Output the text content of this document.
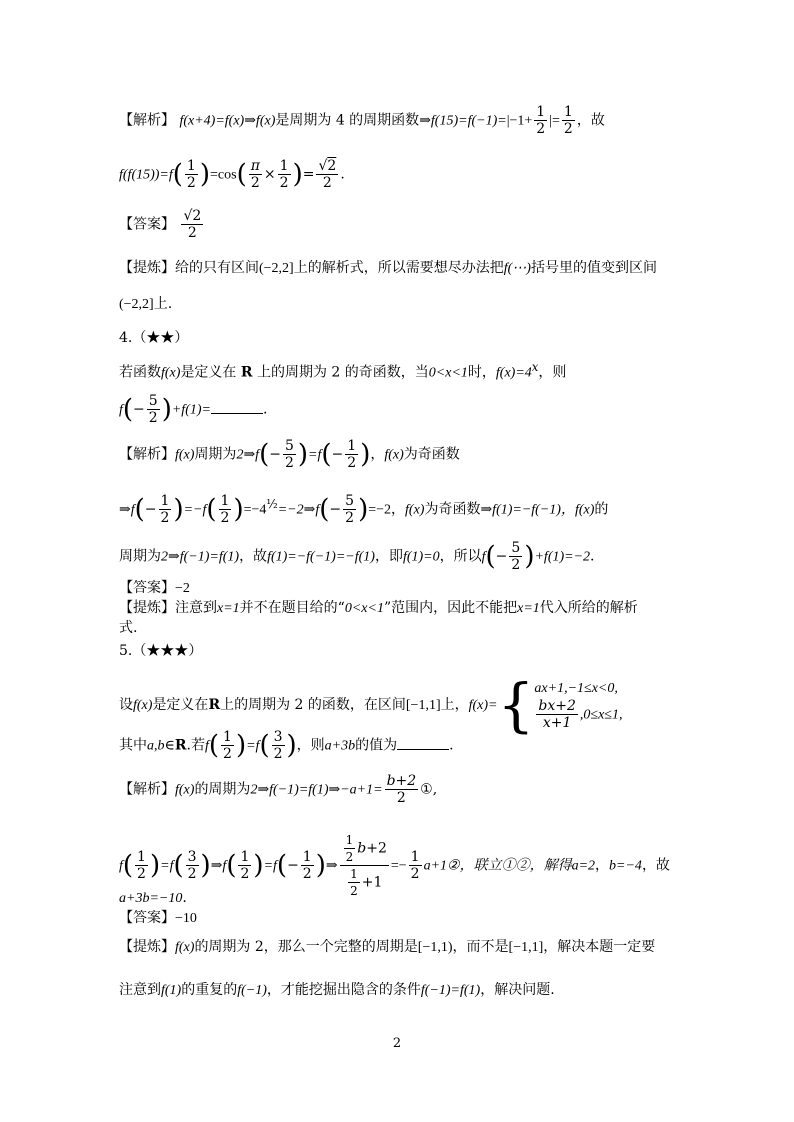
【解析】 f(x+4)=f(x)⇒f(x)是周期为 4 的周期函数⇒f(15)=f(−1)=|−1+ $\frac{1}{2}$ |= $\frac{1}{2}$ ，故
$f(f(15))=f( \frac{1}{2} )=\cos( \frac{\pi}{2} \times \frac{1}{2}$ )= $\frac{√2}{2}$ .
【答案】 $\frac{√2}{2}$
【提炼】给的只有区间(−2,2]上的解析式，所以需要想尽办法把f(⋯)括号里的值变到区间
(−2,2]上.
4.（★★）
若函数f(x)是定义在 R 上的周期为 2 的奇函数，当0<x<1时，$f(x)=4^x$，则
$f(- \frac{5}{2} )+f(1)=$	.
【解析】f(x)周期为2⇒f(− $\frac{5}{2} )=f(- \frac{1}{2}$ )，f(x)为奇函数
⇒f(− $\frac{1}{2} )=-f( \frac{1}{2}$ )$=-4^{\frac{1}{2}}=-2\Rightarrow f(- \frac{5}{2} )=-2$，f(x)为奇函数⇒f(1)=−f(−1)，f(x)的
周期为2⇒f(−1)=f(1)，故f(1)=−f(−1)=−f(1)，即f(1)=0，所以$f(- \frac{5}{2} )+f(1)=-2$.
【答案】−2
【提炼】注意到x=1并不在题目给的“0<x<1”范围内，因此不能把x=1代入所给的解析
式.
5.（★★★）
设f(x)是定义在R上的周期为 2 的函数，在区间[−1,1]上，f(x)={ ax+1,−1≤x<0,
$\frac{bx+2}{x+1} ,0\le x\le 1$,
其中a,b∈R.若$f( \frac{1}{2} )=f( \frac{3}{2}$ )，则a+3b的值为	.
【解析】f(x)的周期为2⇒f(−1)=f(1)⇒−a+1= $\frac{b+2}{2}$ ①,
$f( \frac{1}{2} )=f( \frac{3}{2}$ )⇒f( $\frac{1}{2} )=f(- \frac{1}{2}$ )⇒ $\frac{\frac{1}{2} b+2}{\frac{1}{2} +1} =- \frac{1}{2}$ a+1②，联立①②，解得a=2，b=−4，故
a+3b=−10.
【答案】−10
【提炼】f(x)的周期为 2，那么一个完整的周期是[−1,1)，而不是[−1,1]，解决本题一定要
注意到f(1)的重复的f(−1)，才能挖掘出隐含的条件f(−1)=f(1)，解决问题.
2
